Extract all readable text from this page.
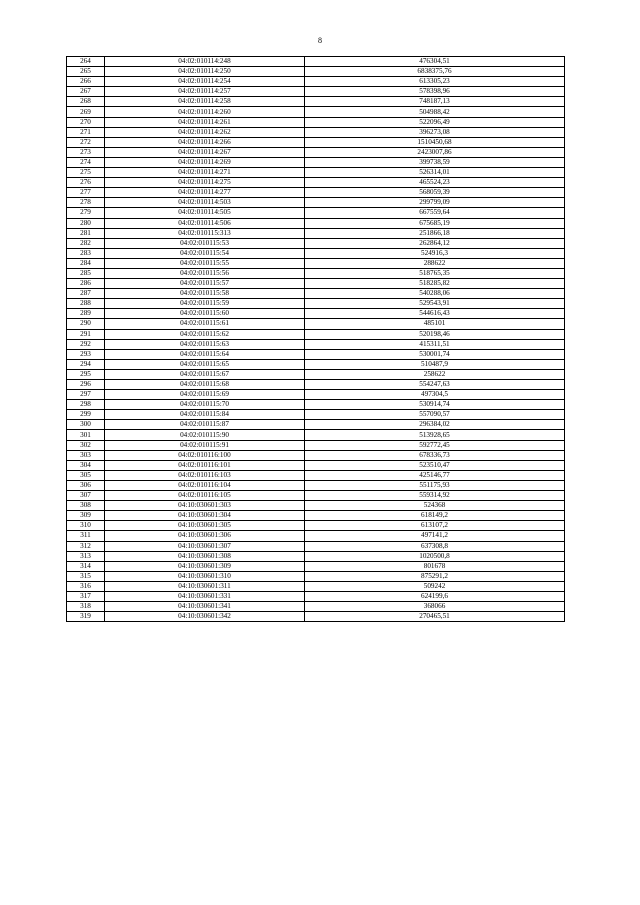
8
264	04:02:010114:248	476304,51
265	04:02:010114:250	6838375,76
266	04:02:010114:254	613305,23
267	04:02:010114:257	578398,96
268	04:02:010114:258	748187,13
269	04:02:010114:260	504988,42
270	04:02:010114:261	522096,49
271	04:02:010114:262	396273,08
272	04:02:010114:266	1510450,68
273	04:02:010114:267	2423007,86
274	04:02:010114:269	399738,59
275	04:02:010114:271	526314,01
276	04:02:010114:275	465524,23
277	04:02:010114:277	568059,39
278	04:02:010114:503	299799,09
279	04:02:010114:505	667559,64
280	04:02:010114:506	675685,19
281	04:02:010115:313	251866,18
282	04:02:010115:53	262864,12
283	04:02:010115:54	524916,3
284	04:02:010115:55	288622
285	04:02:010115:56	518765,35
286	04:02:010115:57	518285,82
287	04:02:010115:58	540288,06
288	04:02:010115:59	529543,91
289	04:02:010115:60	544616,43
290	04:02:010115:61	485101
291	04:02:010115:62	520198,46
292	04:02:010115:63	415311,51
293	04:02:010115:64	530001,74
294	04:02:010115:65	510487,9
295	04:02:010115:67	258622
296	04:02:010115:68	554247,63
297	04:02:010115:69	497304,5
298	04:02:010115:70	530914,74
299	04:02:010115:84	557090,57
300	04:02:010115:87	296384,02
301	04:02:010115:90	513928,65
302	04:02:010115:91	592772,45
303	04:02:010116:100	678336,73
304	04:02:010116:101	523510,47
305	04:02:010116:103	425146,77
306	04:02:010116:104	551175,93
307	04:02:010116:105	559314,92
308	04:10:030601:303	524368
309	04:10:030601:304	618149,2
310	04:10:030601:305	613107,2
311	04:10:030601:306	497141,2
312	04:10:030601:307	637308,8
313	04:10:030601:308	1020500,8
314	04:10:030601:309	801678
315	04:10:030601:310	875291,2
316	04:10:030601:311	509242
317	04:10:030601:331	624199,6
318	04:10:030601:341	368066
319	04:10:030601:342	270465,51
